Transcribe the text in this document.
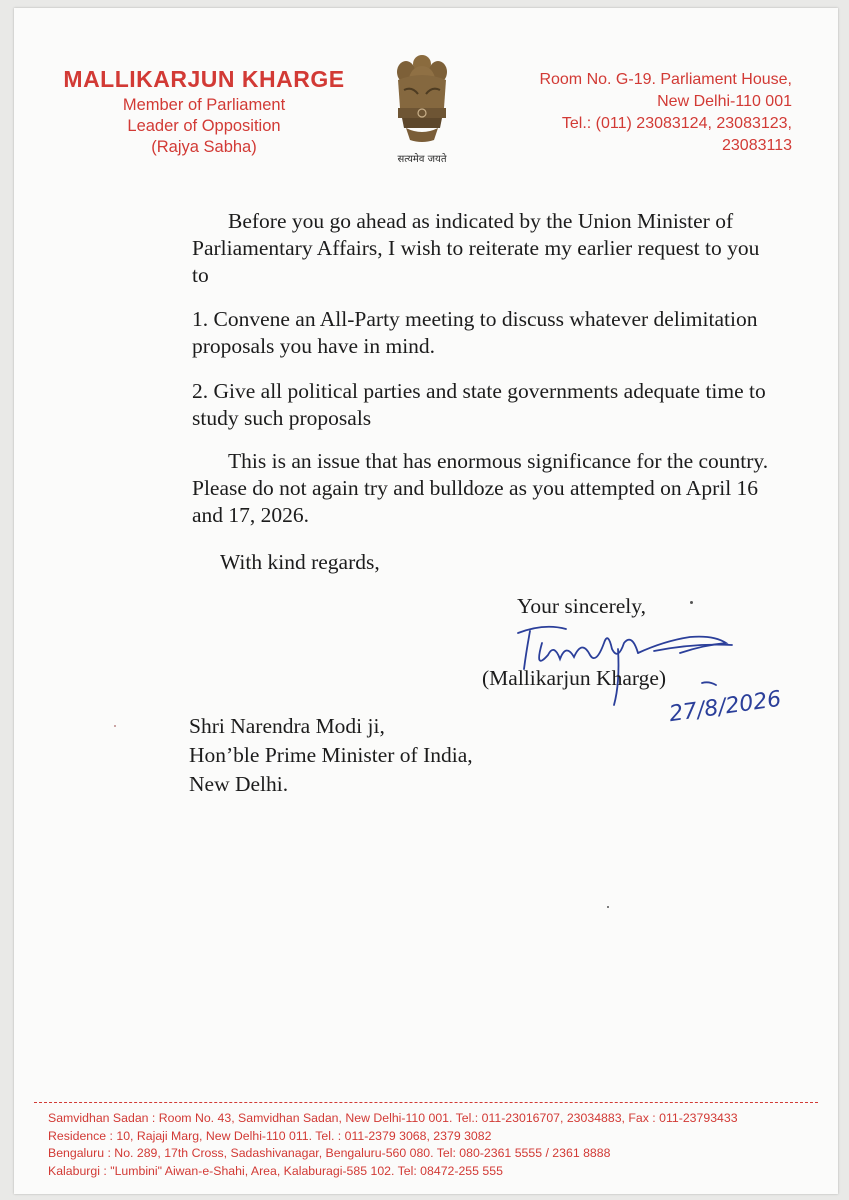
MALLIKARJUN KHARGE
Member of Parliament
Leader of Opposition
(Rajya Sabha)
सत्यमेव जयते
Room No. G-19. Parliament House,
New Delhi-110 001
Tel.: (011) 23083124, 23083123,
23083113

Before you go ahead as indicated by the Union Minister of Parliamentary Affairs, I wish to reiterate my earlier request to you to

1. Convene an All-Party meeting to discuss whatever delimitation proposals you have in mind.

2. Give all political parties and state governments adequate time to study such proposals

This is an issue that has enormous significance for the country. Please do not again try and bulldoze as you attempted on April 16 and 17, 2026.

With kind regards,

Your sincerely,
27/8/2026
(Mallikarjun Kharge)
Shri Narendra Modi ji,
Hon’ble Prime Minister of India,
New Delhi.
Samvidhan Sadan : Room No. 43, Samvidhan Sadan, New Delhi-110 001. Tel.: 011-23016707, 23034883, Fax : 011-23793433
Residence : 10, Rajaji Marg, New Delhi-110 011. Tel. : 011-2379 3068, 2379 3082
Bengaluru : No. 289, 17th Cross, Sadashivanagar, Bengaluru-560 080. Tel: 080-2361 5555 / 2361 8888
Kalaburgi : "Lumbini" Aiwan-e-Shahi, Area, Kalaburagi-585 102. Tel: 08472-255 555
